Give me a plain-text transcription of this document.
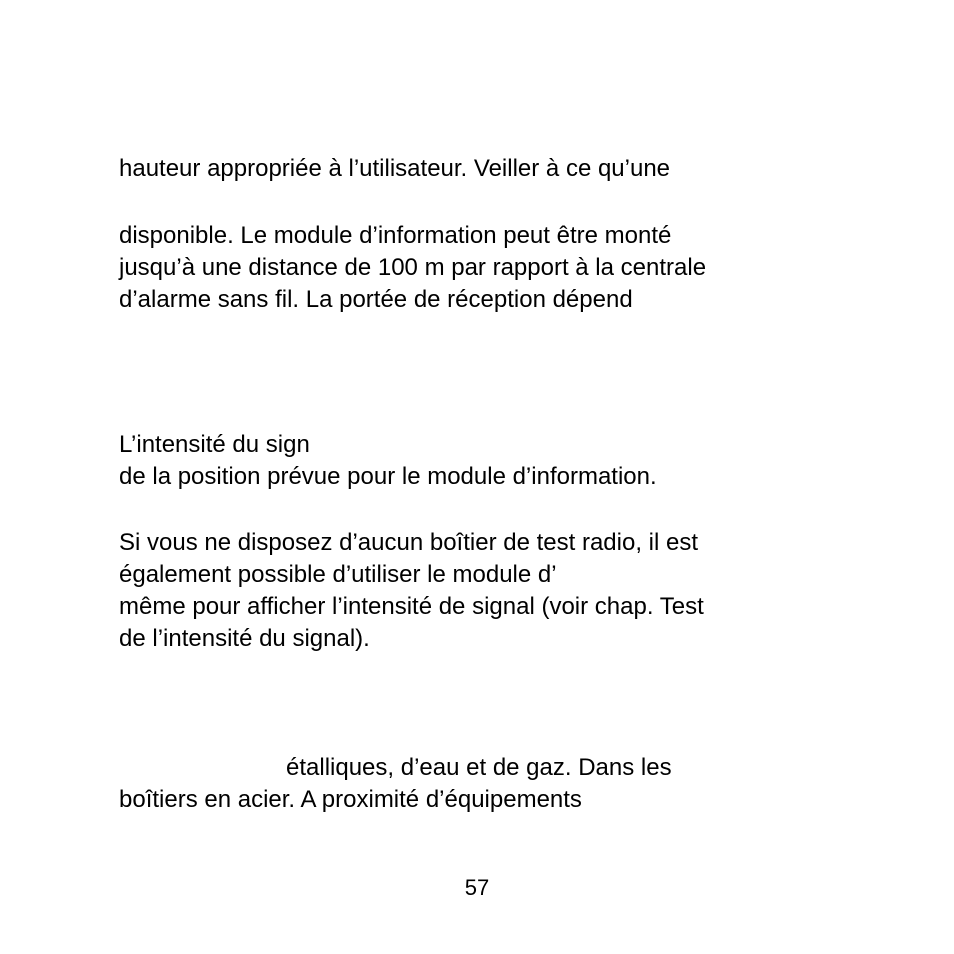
hauteur appropriée à l’utilisateur. Veiller à ce qu’une
disponible. Le module d’information peut être monté
jusqu’à une distance de 100 m par rapport à la centrale
d’alarme sans fil. La portée de réception dépend
L’intensité du sign
de la position prévue pour le module d’information.
Si vous ne disposez d’aucun boîtier de test radio, il est
également possible d’utiliser le module d’
même pour afficher l’intensité de signal (voir chap. Test
de l’intensité du signal).
étalliques, d’eau et de gaz. Dans les
boîtiers en acier. A proximité d’équipements
57
